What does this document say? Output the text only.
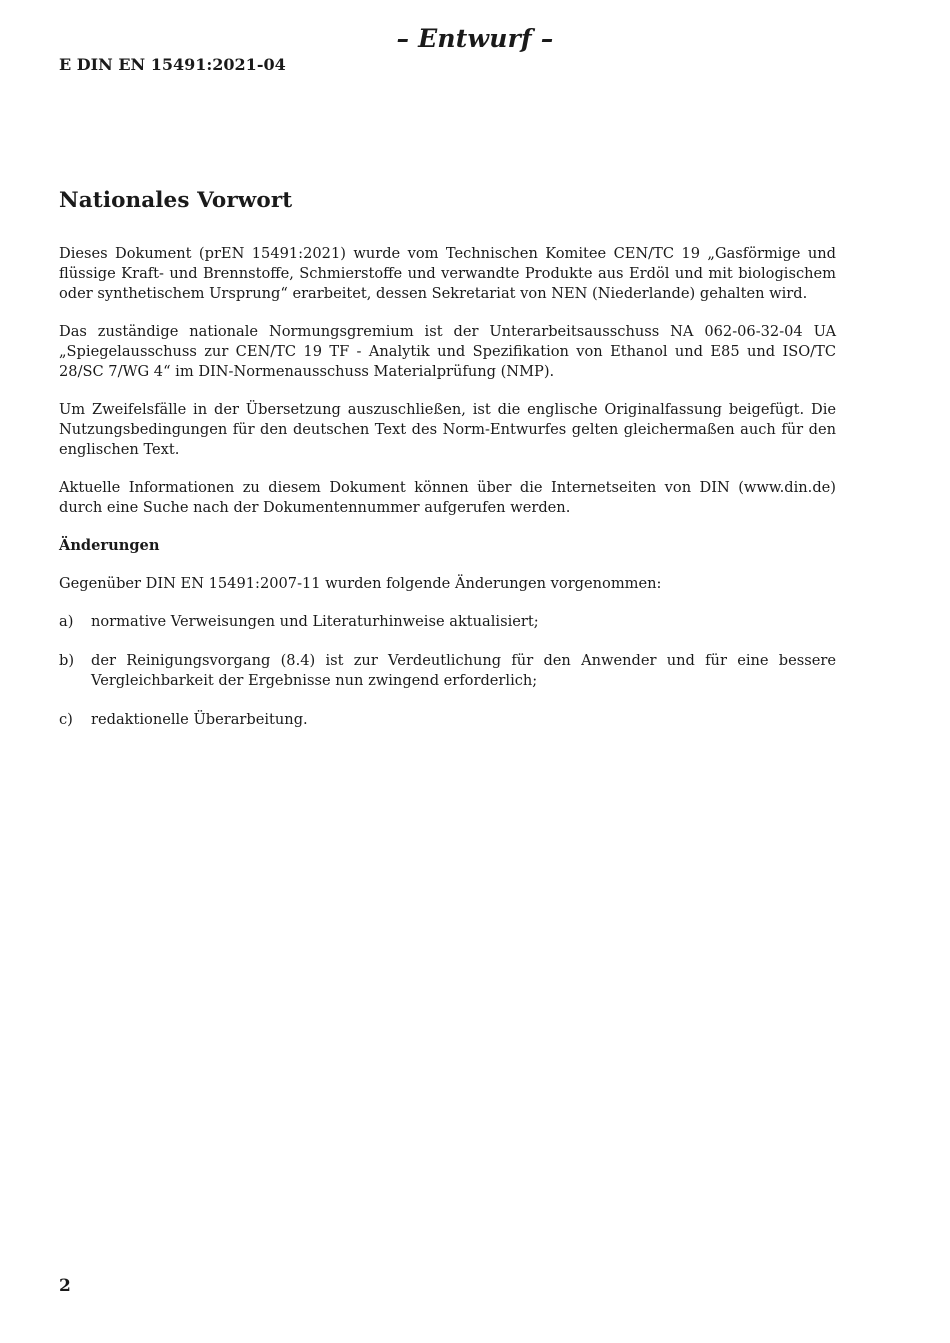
– Entwurf –
E DIN EN 15491:2021-04
Nationales Vorwort

Dieses Dokument (prEN 15491:2021) wurde vom Technischen Komitee CEN/TC 19 „Gasförmige und flüssige Kraft- und Brennstoffe, Schmierstoffe und verwandte Produkte aus Erdöl und mit biologischem oder synthetischem Ursprung“ erarbeitet, dessen Sekretariat von NEN (Niederlande) gehalten wird.

Das zuständige nationale Normungsgremium ist der Unterarbeitsausschuss NA 062-06-32-04 UA „Spiegelausschuss zur CEN/TC 19 TF - Analytik und Spezifikation von Ethanol und E85 und ISO/TC 28/SC 7/WG 4“ im DIN-Normenausschuss Materialprüfung (NMP).

Um Zweifelsfälle in der Übersetzung auszuschließen, ist die englische Originalfassung beigefügt. Die Nutzungsbedingungen für den deutschen Text des Norm-Entwurfes gelten gleichermaßen auch für den englischen Text.

Aktuelle Informationen zu diesem Dokument können über die Internetseiten von DIN (www.din.de) durch eine Suche nach der Dokumentennummer aufgerufen werden.

Änderungen

Gegenüber DIN EN 15491:2007-11 wurden folgende Änderungen vorgenommen:

a) normative Verweisungen und Literaturhinweise aktualisiert;
b) der Reinigungsvorgang (8.4) ist zur Verdeutlichung für den Anwender und für eine bessere Vergleichbarkeit der Ergebnisse nun zwingend erforderlich;
c) redaktionelle Überarbeitung.
2
